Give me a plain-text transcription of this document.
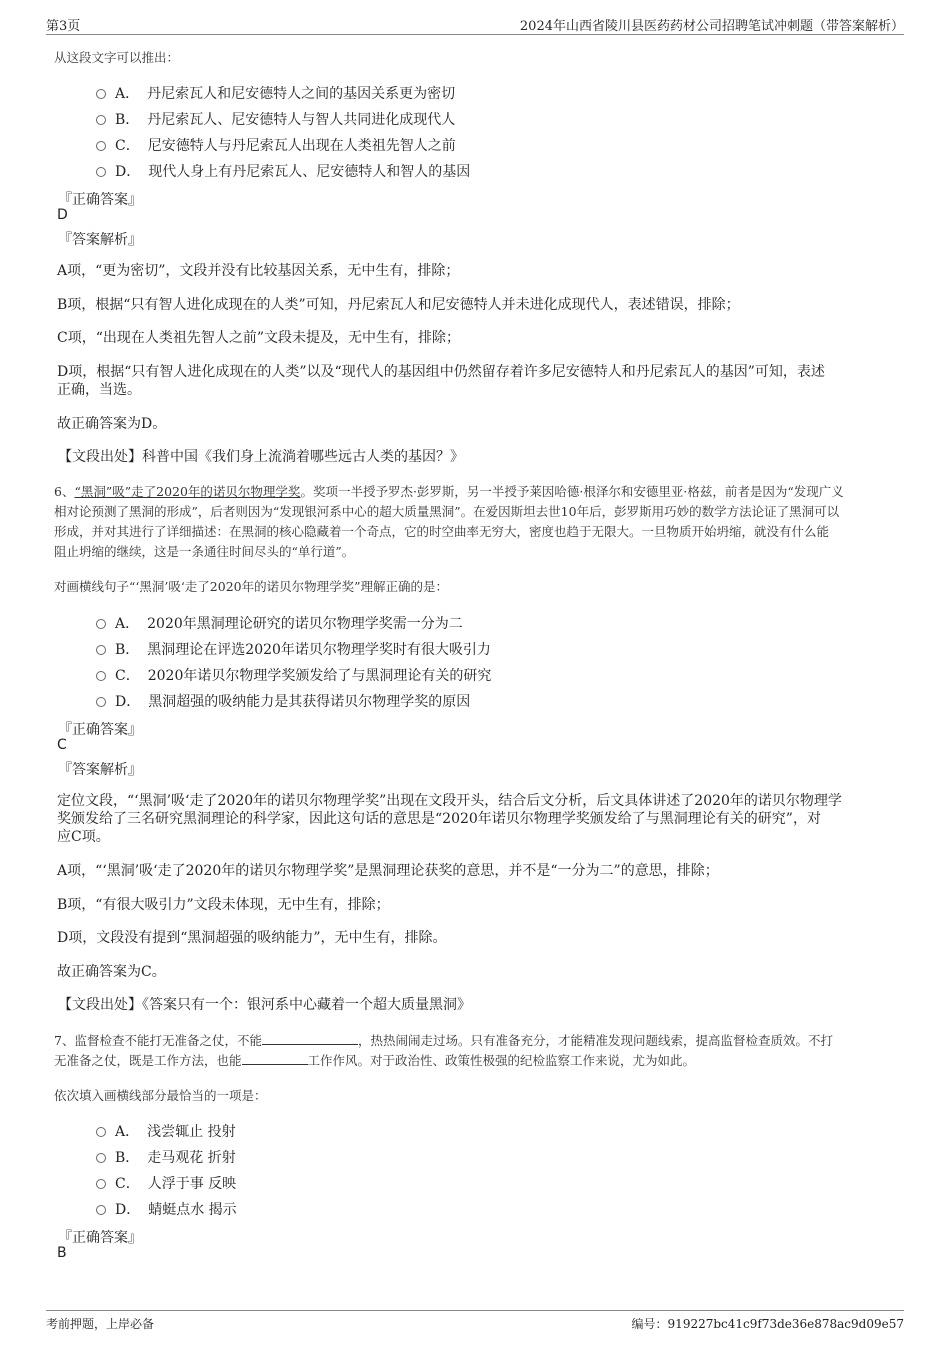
第3页	2024年山西省陵川县医药药材公司招聘笔试冲刺题（带答案解析）
从这段文字可以推出：
A． 丹尼索瓦人和尼安德特人之间的基因关系更为密切
B． 丹尼索瓦人、尼安德特人与智人共同进化成现代人
C． 尼安德特人与丹尼索瓦人出现在人类祖先智人之前
D． 现代人身上有丹尼索瓦人、尼安德特人和智人的基因
『正确答案』
D
『答案解析』
A项，“更为密切”，文段并没有比较基因关系，无中生有，排除；
B项，根据“只有智人进化成现在的人类”可知，丹尼索瓦人和尼安德特人并未进化成现代人，表述错误，排除；
C项，“出现在人类祖先智人之前”文段未提及，无中生有，排除；
D项，根据“只有智人进化成现在的人类”以及“现代人的基因组中仍然留存着许多尼安德特人和丹尼索瓦人的基因”可知，表述
正确，当选。
故正确答案为D。
【文段出处】科普中国《我们身上流淌着哪些远古人类的基因？》
6、“黑洞”吸”走了2020年的诺贝尔物理学奖。奖项一半授予罗杰·彭罗斯，另一半授予莱因哈德·根泽尔和安德里亚·格兹，前者是因为“发现广义
相对论预测了黑洞的形成”，后者则因为“发现银河系中心的超大质量黑洞”。在爱因斯坦去世10年后，彭罗斯用巧妙的数学方法论证了黑洞可以
形成，并对其进行了详细描述：在黑洞的核心隐藏着一个奇点，它的时空曲率无穷大，密度也趋于无限大。一旦物质开始坍缩，就没有什么能
阻止坍缩的继续，这是一条通往时间尽头的“单行道”。
对画横线句子“‘黑洞’吸‘走了2020年的诺贝尔物理学奖”理解正确的是：
A． 2020年黑洞理论研究的诺贝尔物理学奖需一分为二
B． 黑洞理论在评选2020年诺贝尔物理学奖时有很大吸引力
C． 2020年诺贝尔物理学奖颁发给了与黑洞理论有关的研究
D． 黑洞超强的吸纳能力是其获得诺贝尔物理学奖的原因
『正确答案』
C
『答案解析』
定位文段，“‘黑洞’吸‘走了2020年的诺贝尔物理学奖”出现在文段开头，结合后文分析，后文具体讲述了2020年的诺贝尔物理学
奖颁发给了三名研究黑洞理论的科学家，因此这句话的意思是“2020年诺贝尔物理学奖颁发给了与黑洞理论有关的研究”，对
应C项。
A项，“‘黑洞’吸‘走了2020年的诺贝尔物理学奖”是黑洞理论获奖的意思，并不是“一分为二”的意思，排除；
B项，“有很大吸引力”文段未体现，无中生有，排除；
D项，文段没有提到“黑洞超强的吸纳能力”，无中生有，排除。
故正确答案为C。
【文段出处】《答案只有一个：银河系中心藏着一个超大质量黑洞》
7、监督检查不能打无准备之仗，不能	，热热闹闹走过场。只有准备充分，才能精准发现问题线索，提高监督检查质效。不打
无准备之仗，既是工作方法，也能	工作作风。对于政治性、政策性极强的纪检监察工作来说，尤为如此。
依次填入画横线部分最恰当的一项是：
A． 浅尝辄止 投射
B． 走马观花 折射
C． 人浮于事 反映
D． 蜻蜓点水 揭示
『正确答案』
B
考前押题，上岸必备	编号：919227bc41c9f73de36e878ac9d09e57
